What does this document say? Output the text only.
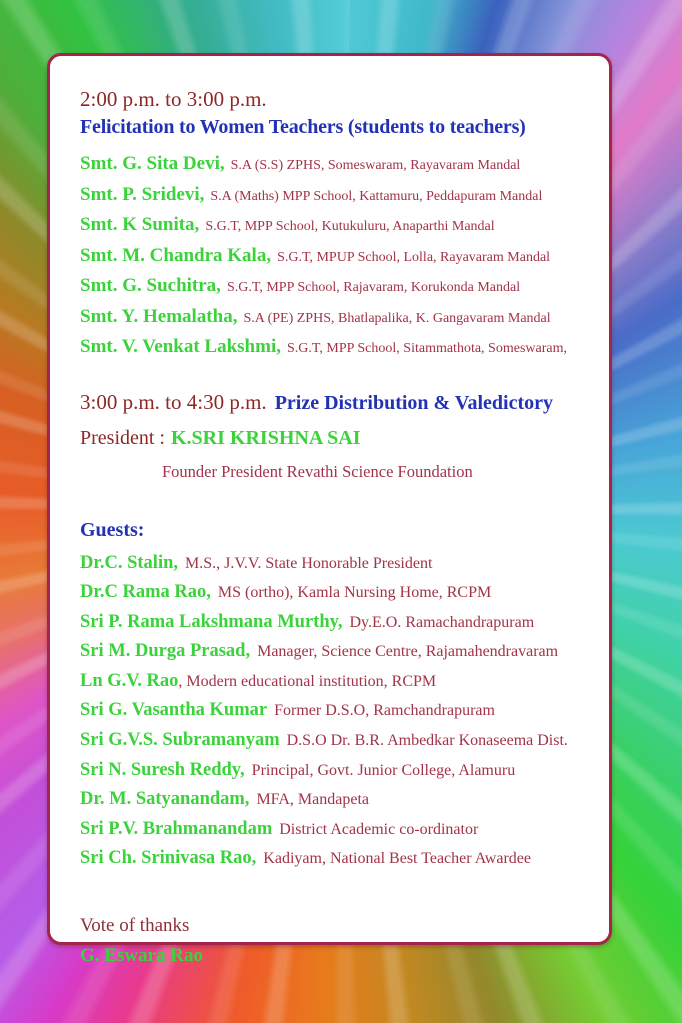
2:00 p.m. to 3:00 p.m.
Felicitation to Women Teachers (students to teachers)
Smt. G. Sita Devi, S.A (S.S) ZPHS, Someswaram, Rayavaram Mandal
Smt. P. Sridevi, S.A (Maths) MPP School, Kattamuru, Peddapuram Mandal
Smt. K Sunita, S.G.T, MPP School, Kutukuluru, Anaparthi Mandal
Smt. M. Chandra Kala, S.G.T, MPUP School, Lolla, Rayavaram Mandal
Smt. G. Suchitra, S.G.T, MPP School, Rajavaram, Korukonda Mandal
Smt. Y. Hemalatha, S.A (PE) ZPHS, Bhatlapalika, K. Gangavaram Mandal
Smt. V. Venkat Lakshmi, S.G.T, MPP School, Sitammathota, Someswaram,
3:00 p.m. to 4:30 p.m. Prize Distribution & Valedictory
President : K.SRI KRISHNA SAI
Founder President Revathi Science Foundation
Guests:
Dr.C. Stalin, M.S., J.V.V. State Honorable President
Dr.C Rama Rao, MS (ortho), Kamla Nursing Home, RCPM
Sri P. Rama Lakshmana Murthy, Dy.E.O. Ramachandrapuram
Sri M. Durga Prasad, Manager, Science Centre, Rajamahendravaram
Ln G.V. Rao, Modern educational institution, RCPM
Sri G. Vasantha Kumar Former D.S.O, Ramchandrapuram
Sri G.V.S. Subramanyam D.S.O Dr. B.R. Ambedkar Konaseema Dist.
Sri N. Suresh Reddy, Principal, Govt. Junior College, Alamuru
Dr. M. Satyanandam, MFA, Mandapeta
Sri P.V. Brahmanandam District Academic co-ordinator
Sri Ch. Srinivasa Rao, Kadiyam, National Best Teacher Awardee
Vote of thanks
G. Eswara Rao
